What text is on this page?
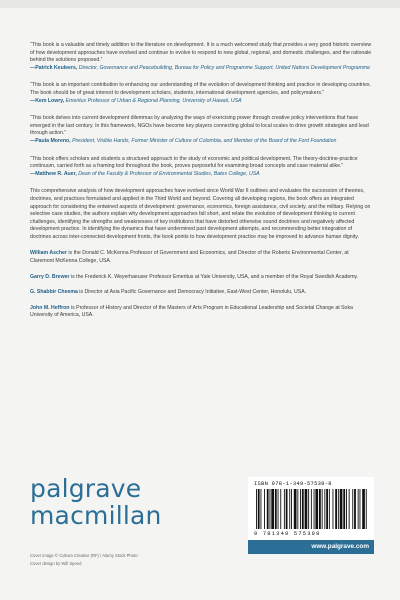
“This book is a valuable and timely addition to the literature on development. It is a much welcomed study that provides a very good historic overview of how development approaches have evolved and continue to evolve to respond to new global, regional, and domestic challenges, and the rationale behind the solutions proposed.”
—Patrick Keuleers, Director, Governance and Peacebuilding, Bureau for Policy and Programme Support, United Nations Development Programme
“This book is an important contribution to enhancing our understanding of the evolution of development thinking and practice in developing countries. The book should be of great interest to development scholars, students, international development agencies, and policymakers.”
—Kem Lowry, Emeritus Professor of Urban & Regional Planning, University of Hawaii, USA
“This book delves into current development dilemmas by analyzing the ways of exercising power through creative policy interventions that have emerged in the last century. In this framework, NGOs have become key players connecting global to local scales to drive growth strategies and lead through action.”
—Paula Moreno, President, Visible Hands, Former Minister of Culture of Colombia, and Member of the Board of the Ford Foundation
“This book offers scholars and students a structured approach to the study of economic and political development. The theory-doctrine-practice continuum, carried forth as a framing tool throughout the book, proves purposeful for examining broad concepts and case material alike.”
—Matthew R. Auer, Dean of the Faculty & Professor of Environmental Studies, Bates College, USA
This comprehensive analysis of how development approaches have evolved since World War II outlines and evaluates the succession of theories, doctrines, and practices formulated and applied in the Third World and beyond. Covering all developing regions, the book offers an integrated approach for considering the entwined aspects of development: governance, economics, foreign assistance, civil society, and the military. Relying on selective case studies, the authors explain why development approaches fall short, and relate the evolution of development thinking to current challenges, identifying the strengths and weaknesses of key institutions that have distorted otherwise sound doctrines and negatively affected development practice. In identifying the dynamics that have undermined past development attempts, and recommending better integration of doctrines across inter-connected development fronts, the book points to how development practice may be improved to advance human dignity.
William Ascher is the Donald C. McKenna Professor of Government and Economics, and Director of the Roberts Environmental Center, at Claremont McKenna College, USA.
Garry D. Brewer is the Frederick K. Weyerhaeuser Professor Emeritus at Yale University, USA, and a member of the Royal Swedish Academy.
G. Shabbir Cheema is Director at Asia Pacific Governance and Democracy Initiative, East-West Center, Honolulu, USA.
John M. Heffron is Professor of History and Director of the Masters of Arts Program in Educational Leadership and Societal Change at Soka University of America, USA.
palgrave
macmillan
Cover image © Cultura Creative (RF) / Alamy Stock Photo
Cover design by Will Speed
ISBN 978-1-349-57539-8
9 781349 575398
www.palgrave.com
